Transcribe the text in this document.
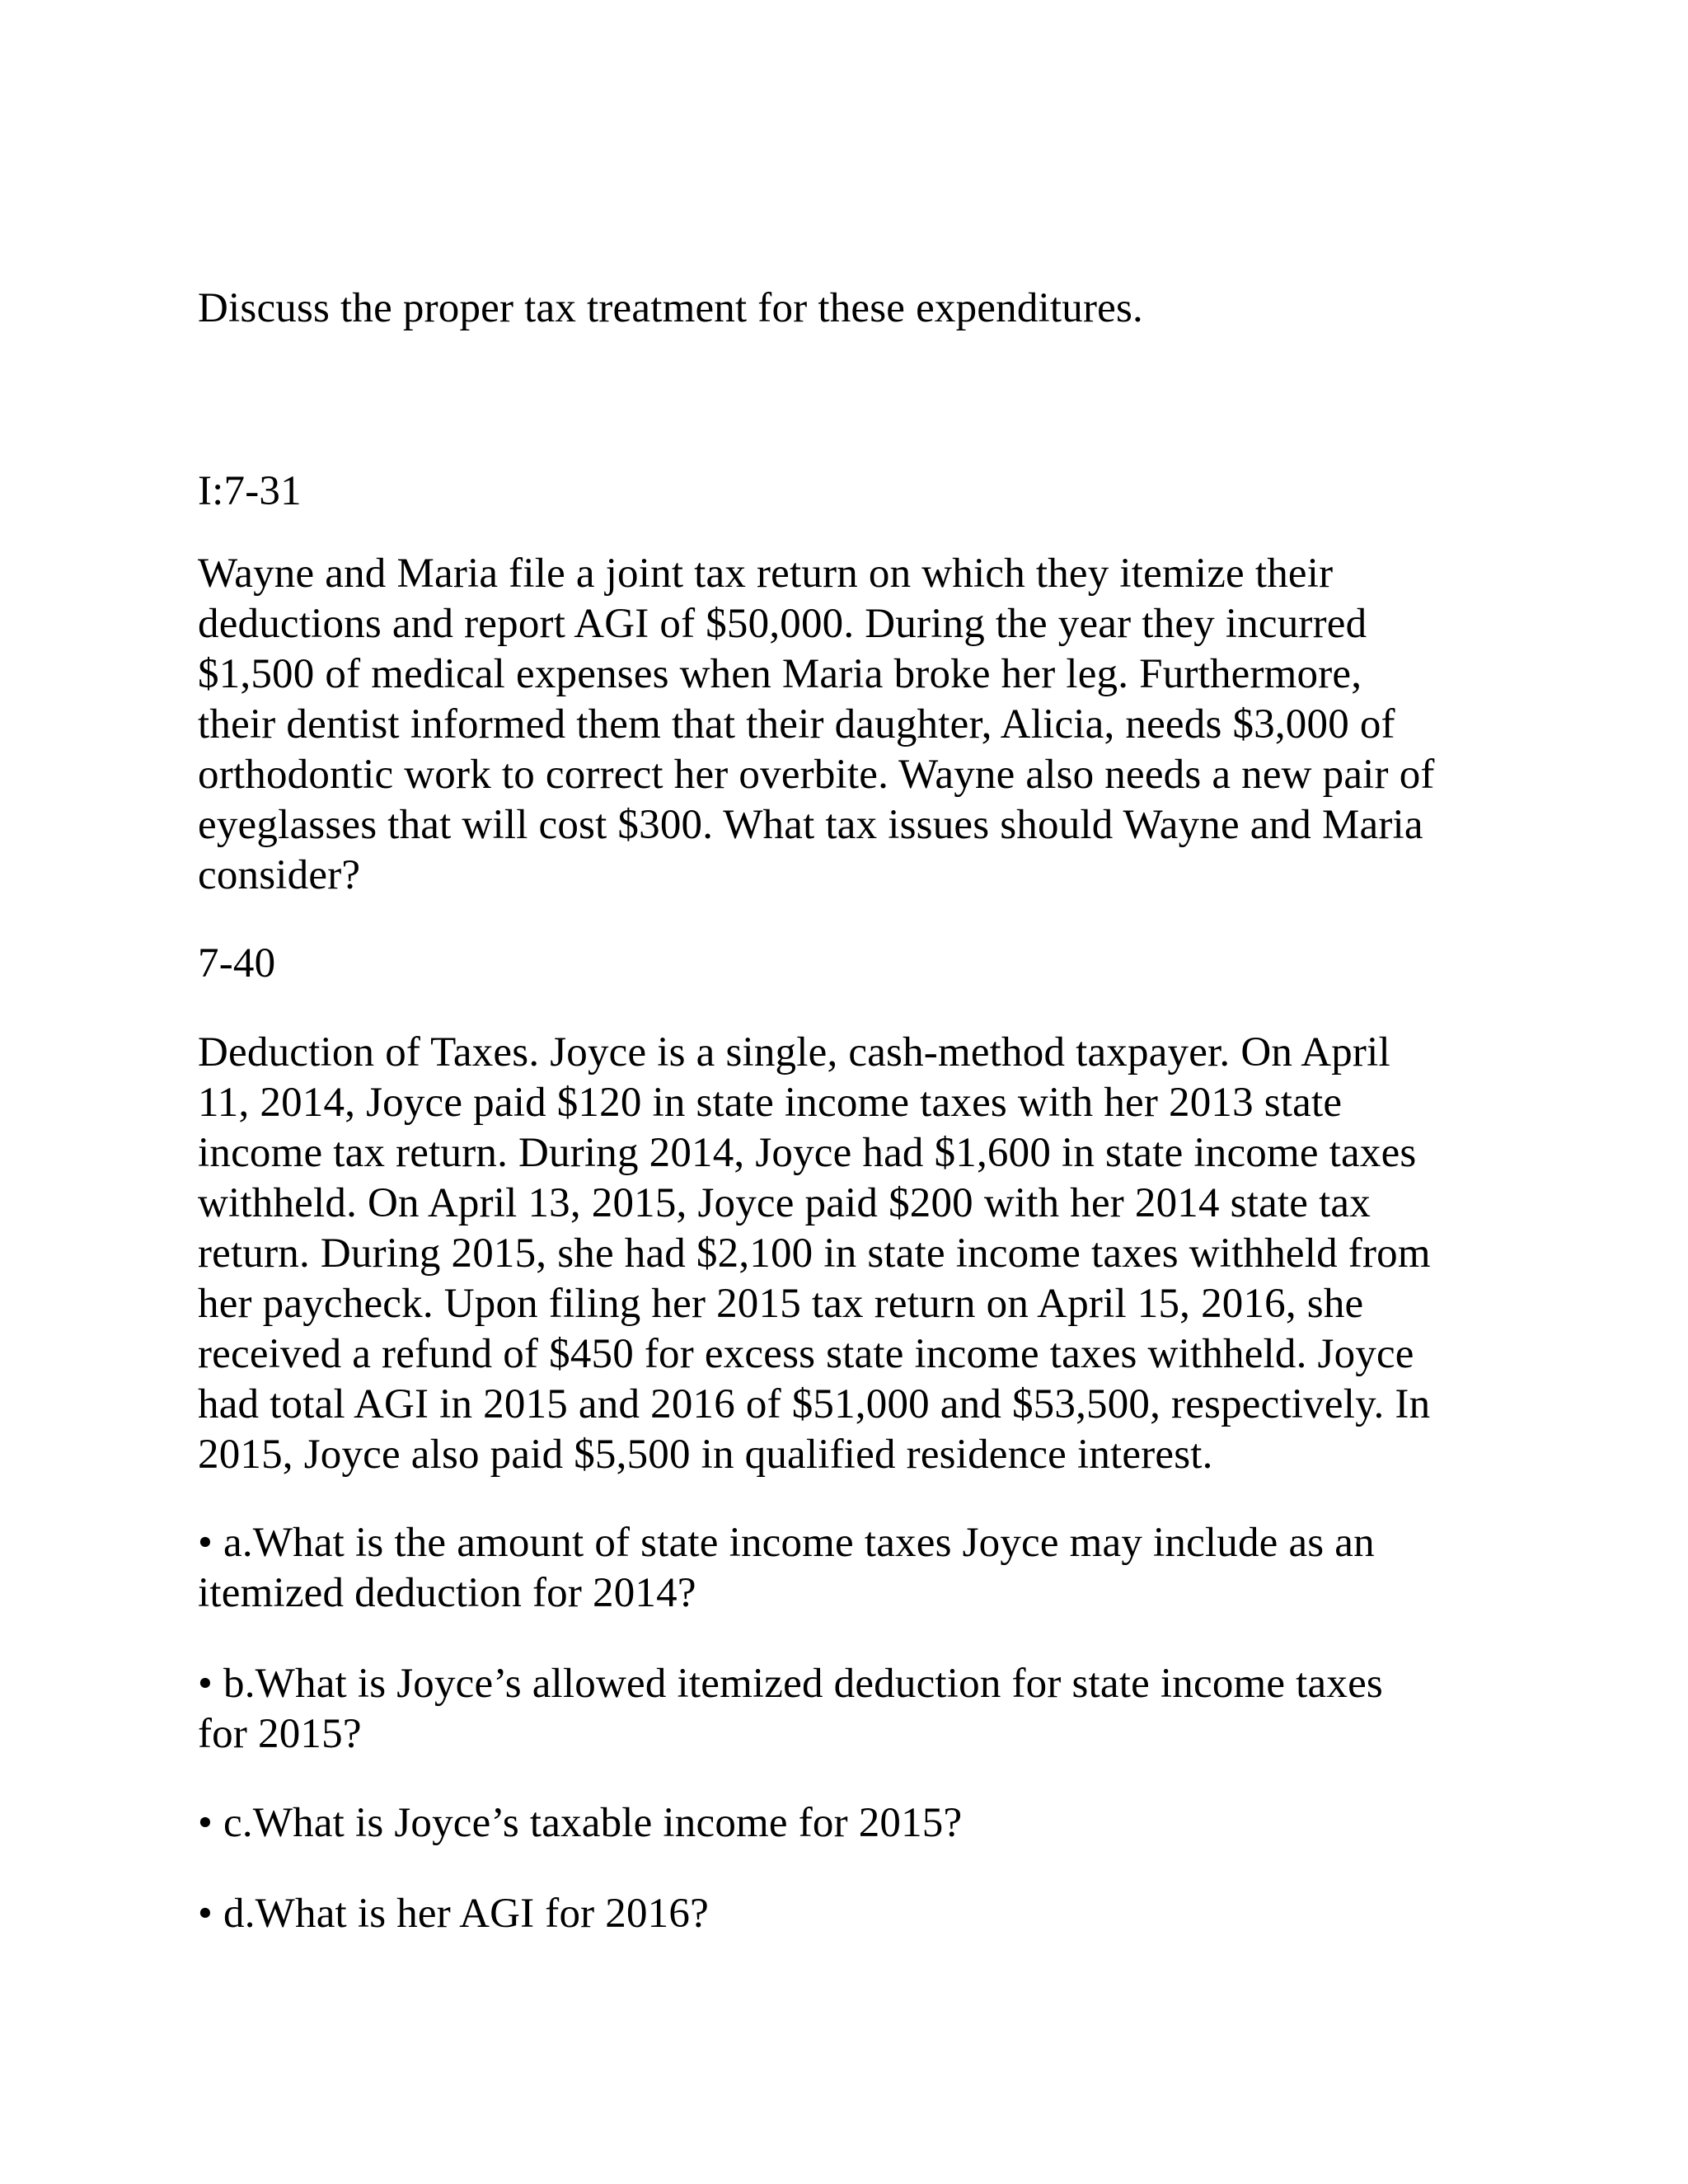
Discuss the proper tax treatment for these expenditures.

I:7-31

Wayne and Maria file a joint tax return on which they itemize their
deductions and report AGI of $50,000. During the year they incurred
$1,500 of medical expenses when Maria broke her leg. Furthermore,
their dentist informed them that their daughter, Alicia, needs $3,000 of
orthodontic work to correct her overbite. Wayne also needs a new pair of
eyeglasses that will cost $300. What tax issues should Wayne and Maria
consider?

7-40

Deduction of Taxes. Joyce is a single, cash-method taxpayer. On April
11, 2014, Joyce paid $120 in state income taxes with her 2013 state
income tax return. During 2014, Joyce had $1,600 in state income taxes
withheld. On April 13, 2015, Joyce paid $200 with her 2014 state tax
return. During 2015, she had $2,100 in state income taxes withheld from
her paycheck. Upon filing her 2015 tax return on April 15, 2016, she
received a refund of $450 for excess state income taxes withheld. Joyce
had total AGI in 2015 and 2016 of $51,000 and $53,500, respectively. In
2015, Joyce also paid $5,500 in qualified residence interest.

• a.What is the amount of state income taxes Joyce may include as an
itemized deduction for 2014?

• b.What is Joyce’s allowed itemized deduction for state income taxes
for 2015?

• c.What is Joyce’s taxable income for 2015?

• d.What is her AGI for 2016?
